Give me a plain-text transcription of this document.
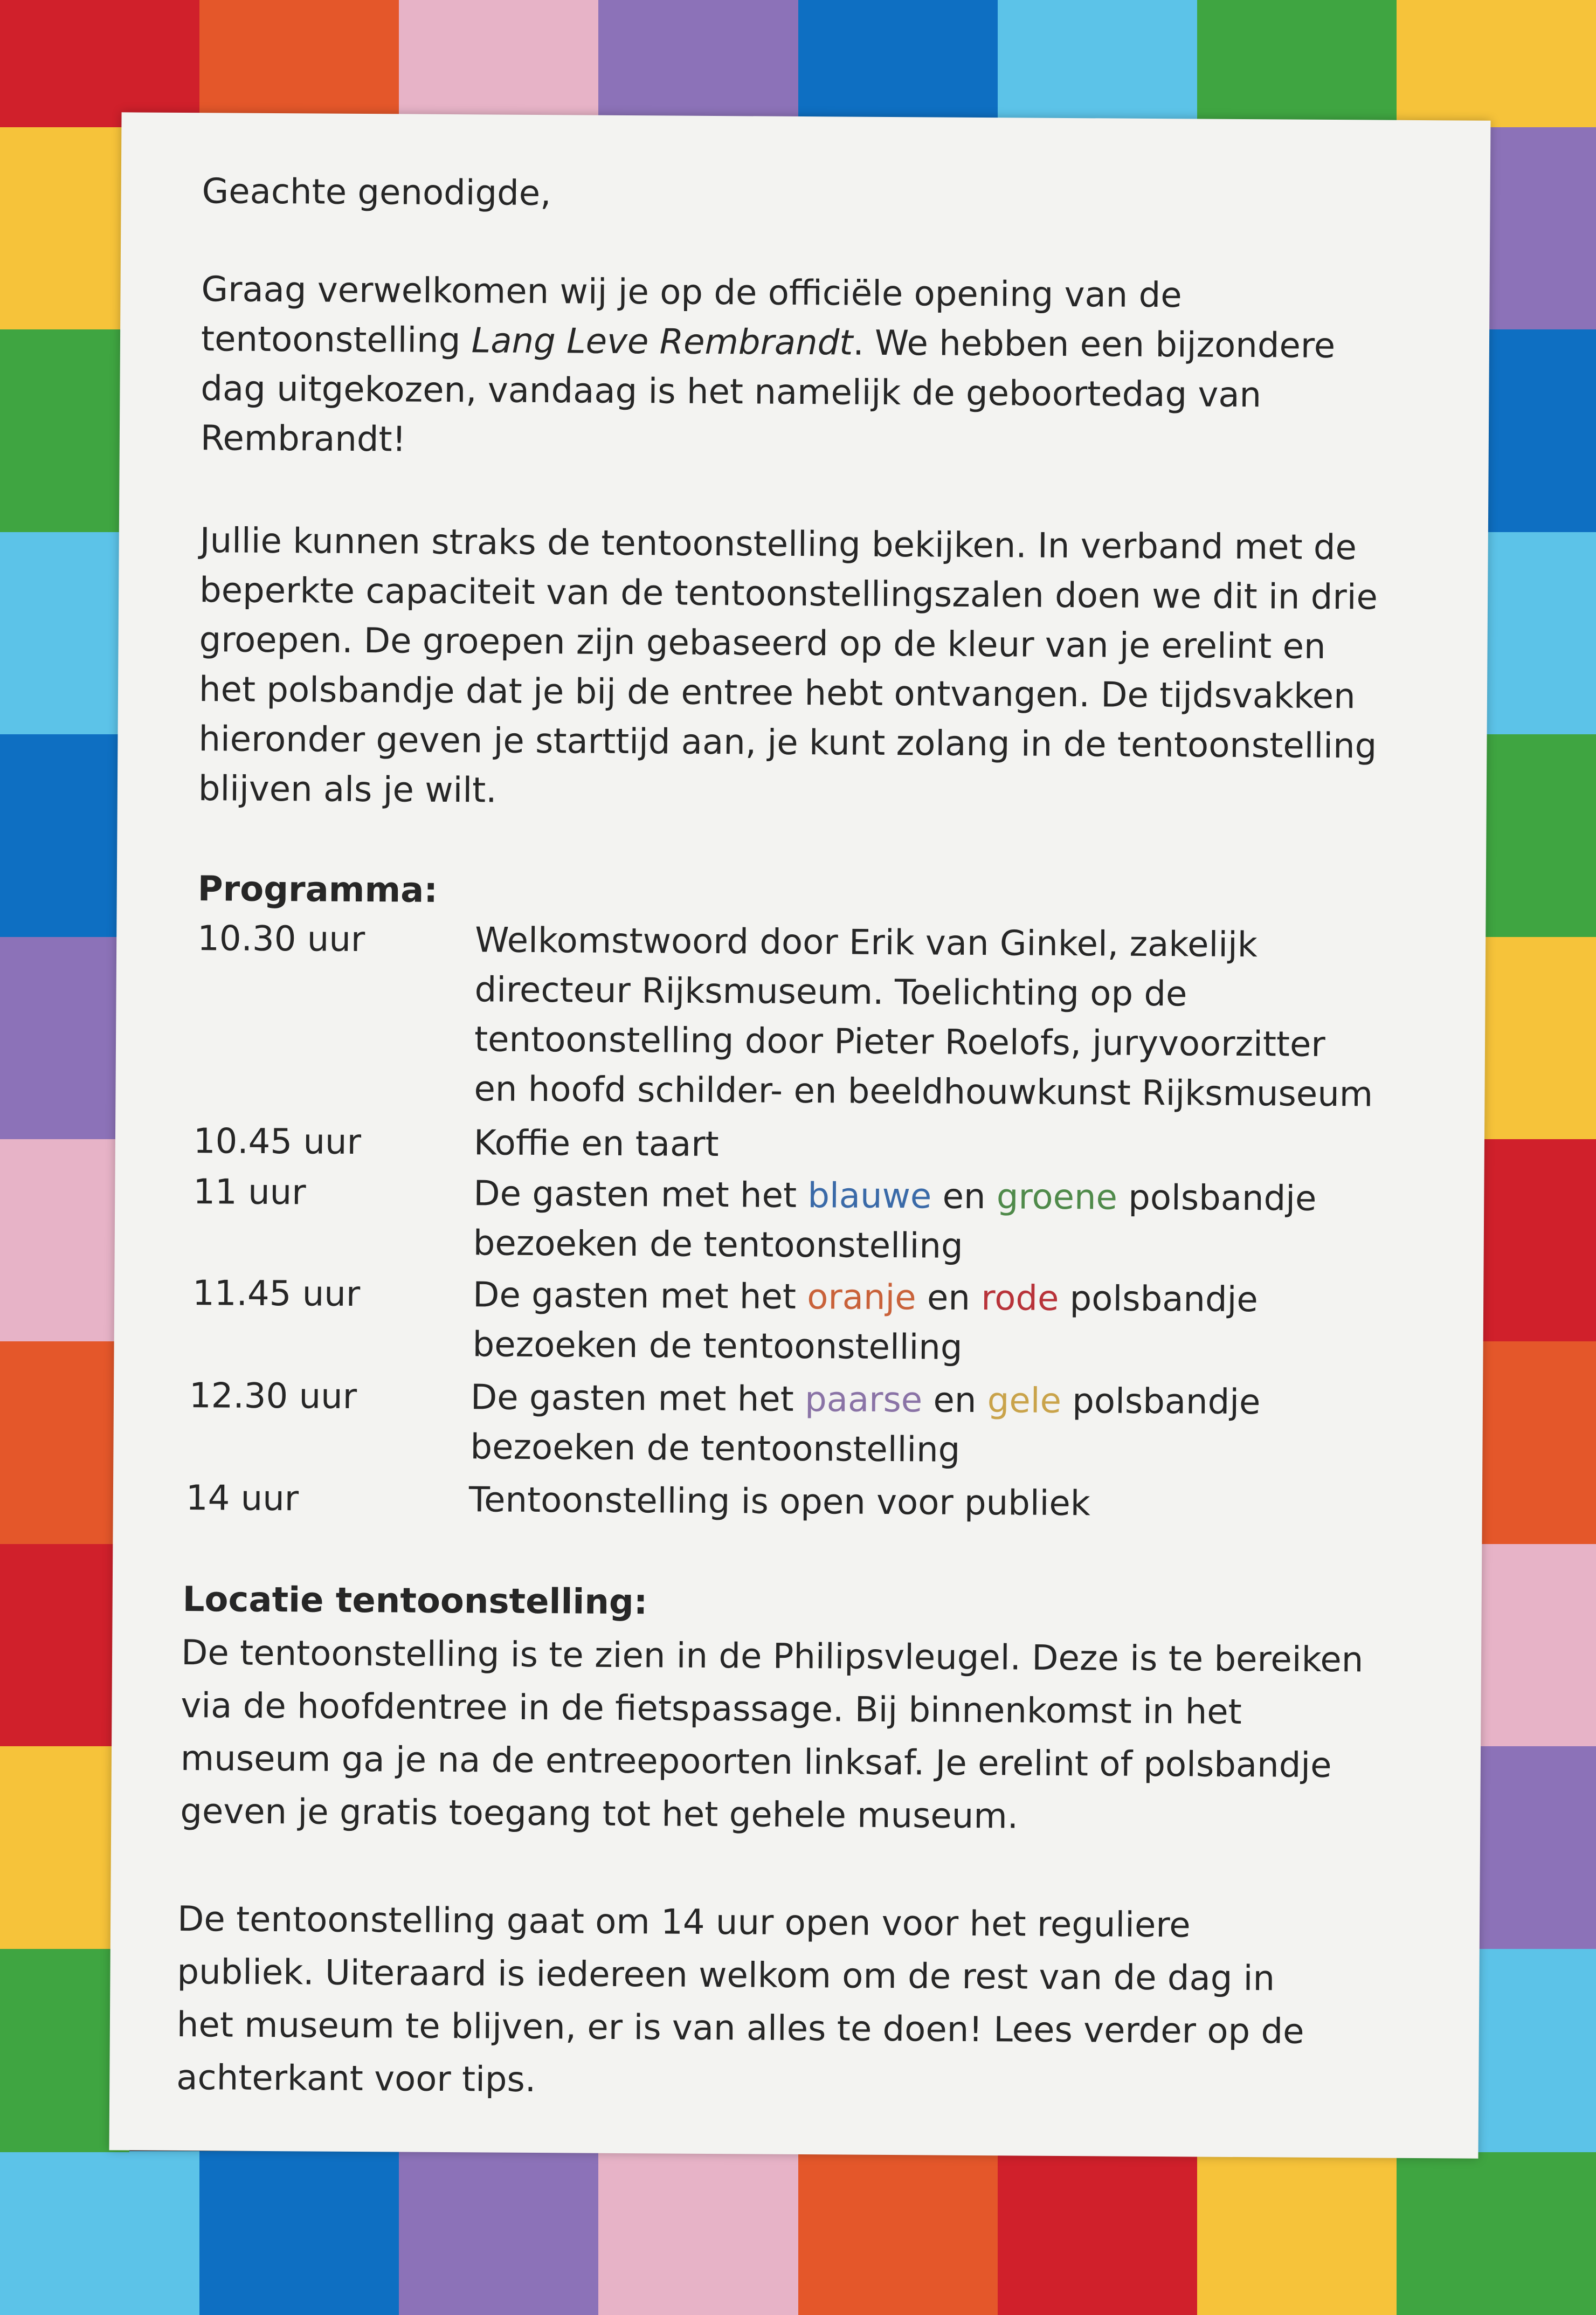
Geachte genodigde,

Graag verwelkomen wij je op de officiële opening van de

tentoonstelling Lang Leve Rembrandt. We hebben een bijzondere

dag uitgekozen, vandaag is het namelijk de geboortedag van

Rembrandt!

Jullie kunnen straks de tentoonstelling bekijken. In verband met de

beperkte capaciteit van de tentoonstellingszalen doen we dit in drie

groepen. De groepen zijn gebaseerd op de kleur van je erelint en

het polsbandje dat je bij de entree hebt ontvangen. De tijdsvakken

hieronder geven je starttijd aan, je kunt zolang in de tentoonstelling

blijven als je wilt.

Programma:
10.30 uur	Welkomstwoord door Erik van Ginkel, zakelijk

directeur Rijksmuseum. Toelichting op de

tentoonstelling door Pieter Roelofs, juryvoorzitter

en hoofd schilder- en beeldhouwkunst Rijksmuseum

10.45 uur	Koffie en taart

11 uur	De gasten met het blauwe en groene polsbandje

bezoeken de tentoonstelling

11.45 uur	De gasten met het oranje en rode polsbandje

bezoeken de tentoonstelling

12.30 uur	De gasten met het paarse en gele polsbandje

bezoeken de tentoonstelling

14 uur	Tentoonstelling is open voor publiek

Locatie tentoonstelling:

De tentoonstelling is te zien in de Philipsvleugel. Deze is te bereiken

via de hoofdentree in de fietspassage. Bij binnenkomst in het

museum ga je na de entreepoorten linksaf. Je erelint of polsbandje

geven je gratis toegang tot het gehele museum.

De tentoonstelling gaat om 14 uur open voor het reguliere

publiek. Uiteraard is iedereen welkom om de rest van de dag in

het museum te blijven, er is van alles te doen! Lees verder op de

achterkant voor tips.
